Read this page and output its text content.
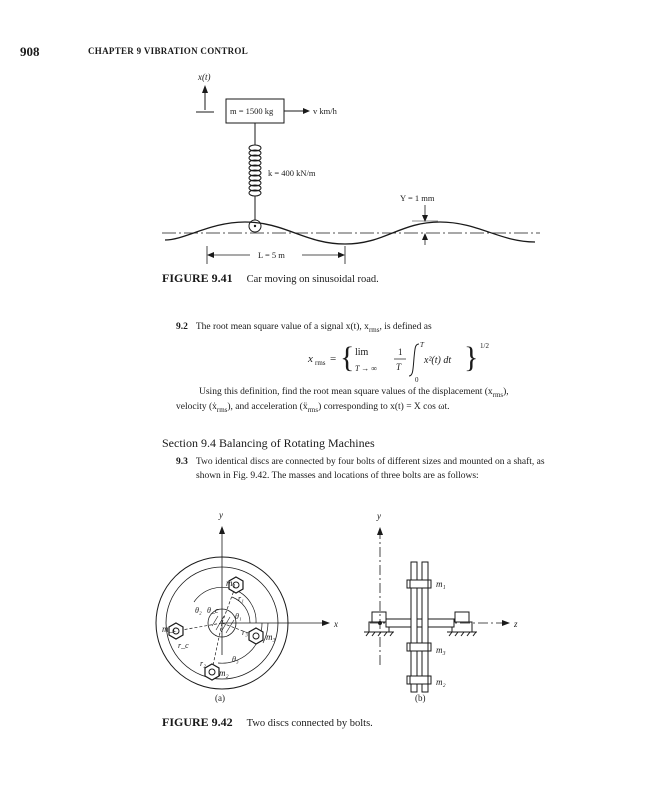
908	CHAPTER 9 VIBRATION CONTROL
x(t)
m = 1500 kg	v km/h
k = 400 kN/m
Y = 1 mm
L = 5 m
FIGURE 9.41 Car moving on sinusoidal road.
9.2 The root mean square value of a signal x(t), $x_{rms}$, is defined as
x rms = { lim
T → ∞
1
T
T
0
x²(t) dt } 1/2
Using this definition, find the root mean square values of the displacement $(x_{rms})$,
velocity (ẋ$_{rms}$), and acceleration (ẍ$_{rms}$) corresponding to x(t) = X cos ωt.
Section 9.4 Balancing of Rotating Machines
9.3 Two identical discs are connected by four bolts of different sizes and mounted on a shaft, as
shown in Fig. 9.42. The masses and locations of three bolts are as follows:
y
x
m₁
r₁
θ₁
θ₂ θ_c
r₃ m₃
θ₃
r₂
m₂
m_c
r_c
(a)
y
z
m₁
m₃
m₂
(b)
FIGURE 9.42 Two discs connected by bolts.
